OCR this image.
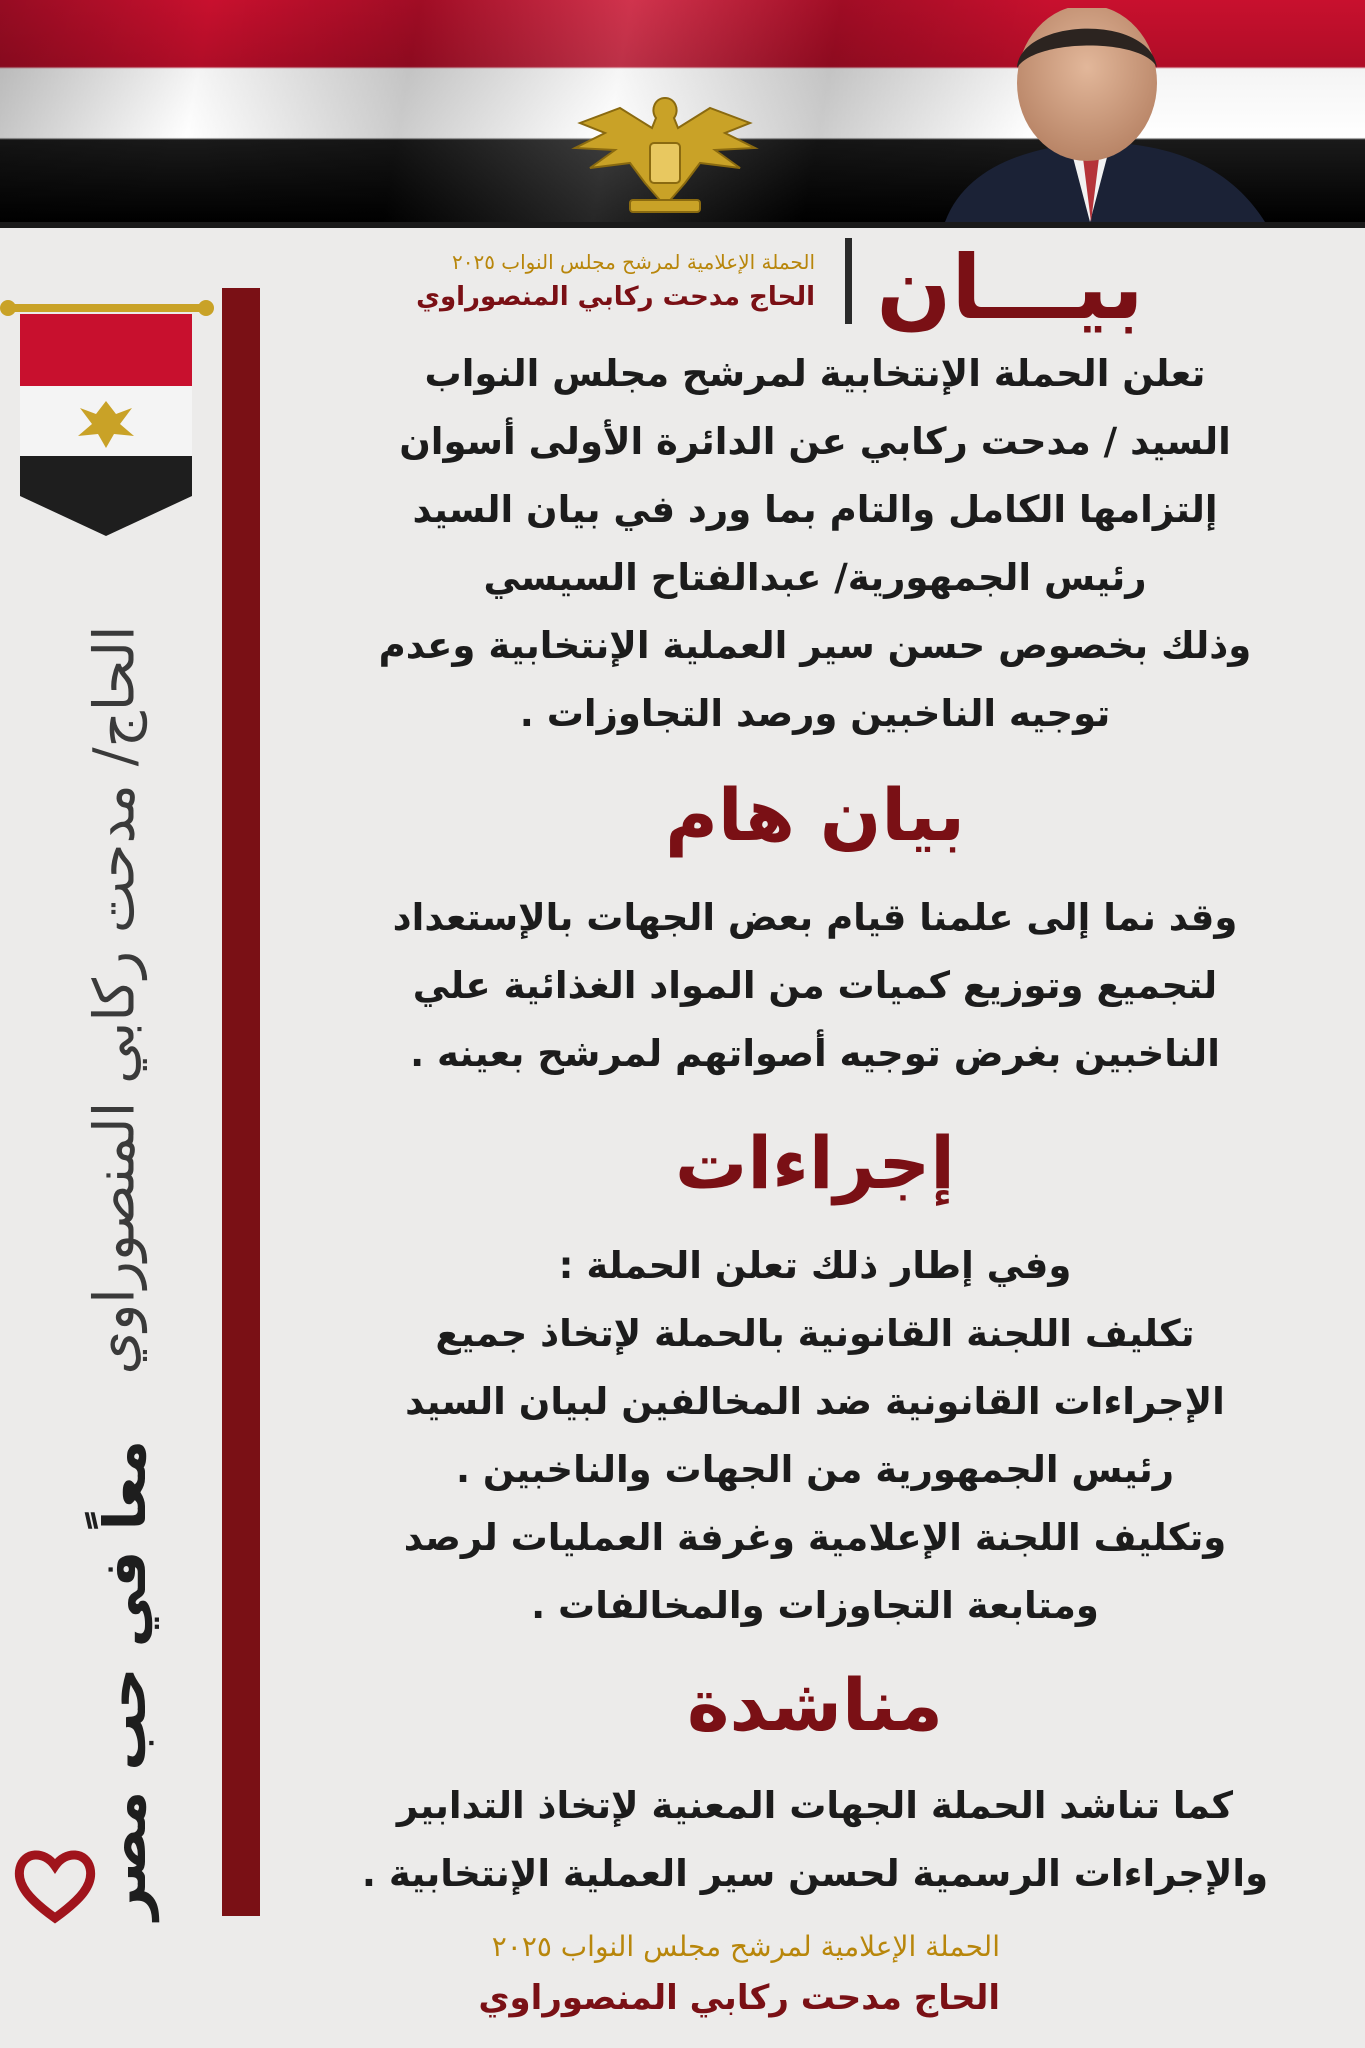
الحاج/ مدحت ركابي المنصوراوي
معاً في حب مصر
بيـــان
الحملة الإعلامية لمرشح مجلس النواب ٢٠٢٥
الحاج مدحت ركابي المنصوراوي
تعلن الحملة الإنتخابية لمرشح مجلس النواب
السيد / مدحت ركابي عن الدائرة الأولى أسوان
إلتزامها الكامل والتام بما ورد في بيان السيد
رئيس الجمهورية/ عبدالفتاح السيسي
وذلك بخصوص حسن سير العملية الإنتخابية وعدم
توجيه الناخبين ورصد التجاوزات .
بيان هام
وقد نما إلى علمنا قيام بعض الجهات بالإستعداد
لتجميع وتوزيع كميات من المواد الغذائية علي
الناخبين بغرض توجيه أصواتهم لمرشح بعينه .
إجراءات
وفي إطار ذلك تعلن الحملة :
تكليف اللجنة القانونية بالحملة لإتخاذ جميع
الإجراءات القانونية ضد المخالفين لبيان السيد
رئيس الجمهورية من الجهات والناخبين .
وتكليف اللجنة الإعلامية وغرفة العمليات لرصد
ومتابعة التجاوزات والمخالفات .
مناشدة
كما تناشد الحملة الجهات المعنية لإتخاذ التدابير
والإجراءات الرسمية لحسن سير العملية الإنتخابية .
الحملة الإعلامية لمرشح مجلس النواب ٢٠٢٥
الحاج مدحت ركابي المنصوراوي
